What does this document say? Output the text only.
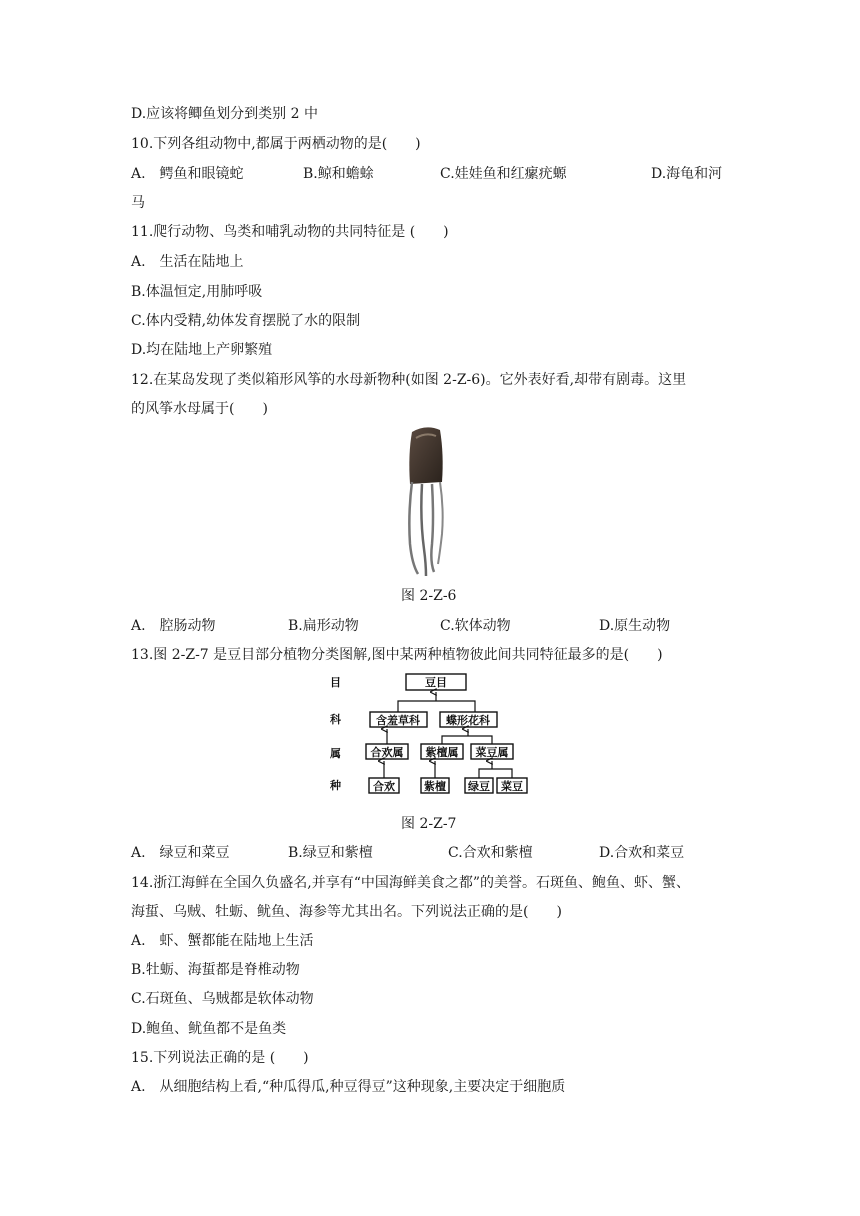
D.应该将鲫鱼划分到类别 2 中
10.下列各组动物中,都属于两栖动物的是(　　)
A.　鳄鱼和眼镜蛇	B.鲸和蟾蜍	C.娃娃鱼和红瘰疣螈	D.海龟和河
马
11.爬行动物、鸟类和哺乳动物的共同特征是 (　　)
A.　生活在陆地上
B.体温恒定,用肺呼吸
C.体内受精,幼体发育摆脱了水的限制
D.均在陆地上产卵繁殖
12.在某岛发现了类似箱形风筝的水母新物种(如图 2-Z-6)。它外表好看,却带有剧毒。这里
的风筝水母属于(　　)
图 2-Z-6
A.　腔肠动物	B.扁形动物	C.软体动物	D.原生动物
13.图 2-Z-7 是豆目部分植物分类图解,图中某两种植物彼此间共同特征最多的是(　　)
目
科
属
种
豆目
含羞草科 蝶形花科
合欢属 紫檀属 菜豆属
合欢	紫檀 绿豆 菜豆
图 2-Z-7
A.　绿豆和菜豆	B.绿豆和紫檀	C.合欢和紫檀	D.合欢和菜豆
14.浙江海鲜在全国久负盛名,并享有“中国海鲜美食之都”的美誉。石斑鱼、鲍鱼、虾、蟹、
海蜇、乌贼、牡蛎、鱿鱼、海参等尤其出名。下列说法正确的是(　　)
A.　虾、蟹都能在陆地上生活
B.牡蛎、海蜇都是脊椎动物
C.石斑鱼、乌贼都是软体动物
D.鲍鱼、鱿鱼都不是鱼类
15.下列说法正确的是 (　　)
A.　从细胞结构上看,“种瓜得瓜,种豆得豆”这种现象,主要决定于细胞质
